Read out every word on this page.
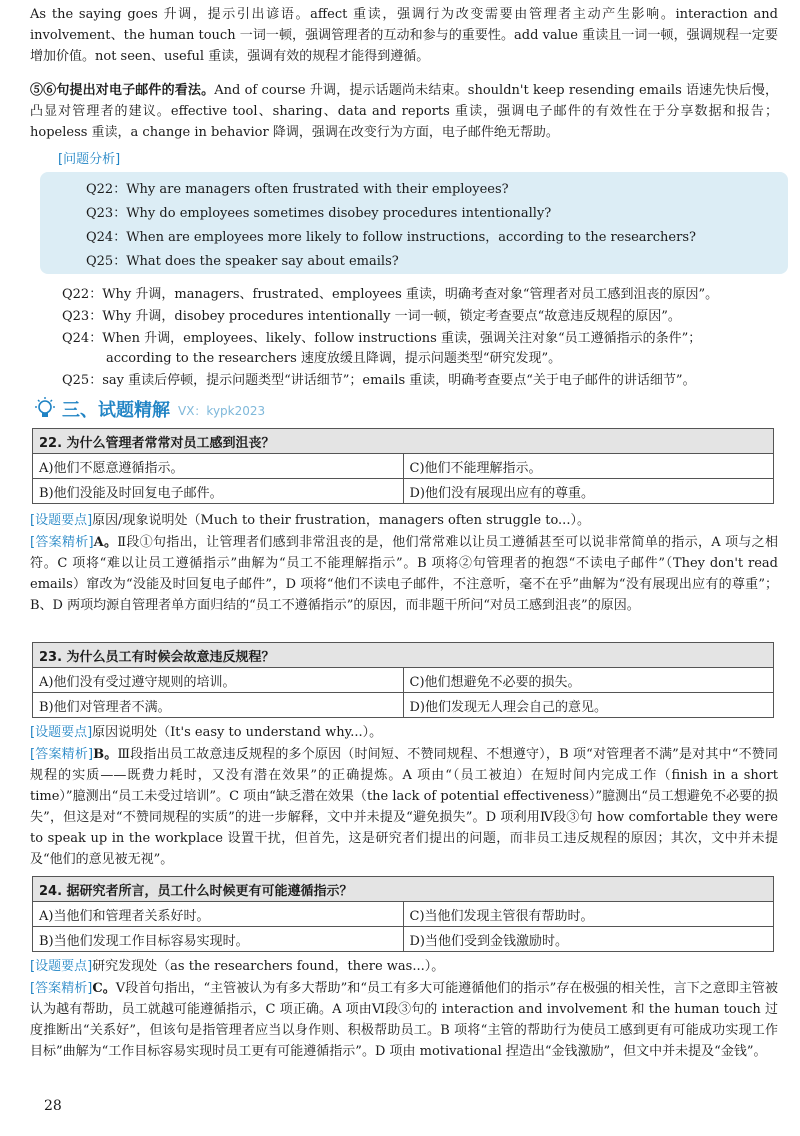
As the saying goes 升调，提示引出谚语。affect 重读，强调行为改变需要由管理者主动产生影响。interaction and involvement、the human touch 一词一顿，强调管理者的互动和参与的重要性。add value 重读且一词一顿，强调规程一定要增加价值。not seen、useful 重读，强调有效的规程才能得到遵循。
⑤⑥句提出对电子邮件的看法。And of course 升调，提示话题尚未结束。shouldn't keep resending emails 语速先快后慢，凸显对管理者的建议。effective tool、sharing、data and reports 重读，强调电子邮件的有效性在于分享数据和报告；hopeless 重读，a change in behavior 降调，强调在改变行为方面，电子邮件绝无帮助。
[问题分析]
Q22：Why are managers often frustrated with their employees?
Q23：Why do employees sometimes disobey procedures intentionally?
Q24：When are employees more likely to follow instructions，according to the researchers?
Q25：What does the speaker say about emails?
Q22：Why 升调，managers、frustrated、employees 重读，明确考查对象“管理者对员工感到沮丧的原因”。
Q23：Why 升调，disobey procedures intentionally 一词一顿，锁定考查要点“故意违反规程的原因”。
Q24：When 升调，employees、likely、follow instructions 重读，强调关注对象“员工遵循指示的条件”；
according to the researchers 速度放缓且降调，提示问题类型“研究发现”。
Q25：say 重读后停顿，提示问题类型“讲话细节”；emails 重读，明确考查要点“关于电子邮件的讲话细节”。
三、试题精解 VX：kypk2023
22. 为什么管理者常常对员工感到沮丧？	
A)他们不愿意遵循指示。	C)他们不能理解指示。
B)他们没能及时回复电子邮件。	D)他们没有展现出应有的尊重。
[设题要点]原因/现象说明处（Much to their frustration，managers often struggle to...）。
[答案精析]A。Ⅱ段①句指出，让管理者们感到非常沮丧的是，他们常常难以让员工遵循甚至可以说非常简单的指示，A 项与之相符。C 项将“难以让员工遵循指示”曲解为“员工不能理解指示”。B 项将②句管理者的抱怨“不读电子邮件”（They don't read emails）窜改为“没能及时回复电子邮件”，D 项将“他们不读电子邮件，不注意听，毫不在乎”曲解为“没有展现出应有的尊重”；B、D 两项均源自管理者单方面归结的“员工不遵循指示”的原因，而非题干所问“对员工感到沮丧”的原因。
23. 为什么员工有时候会故意违反规程？	
A)他们没有受过遵守规则的培训。	C)他们想避免不必要的损失。
B)他们对管理者不满。	D)他们发现无人理会自己的意见。
[设题要点]原因说明处（It's easy to understand why...）。
[答案精析]B。Ⅲ段指出员工故意违反规程的多个原因（时间短、不赞同规程、不想遵守），B 项“对管理者不满”是对其中“不赞同规程的实质——既费力耗时，又没有潜在效果”的正确提炼。A 项由“（员工被迫）在短时间内完成工作（finish in a short time）”臆测出“员工未受过培训”。C 项由“缺乏潜在效果（the lack of potential effectiveness）”臆测出“员工想避免不必要的损失”，但这是对“不赞同规程的实质”的进一步解释，文中并未提及“避免损失”。D 项利用Ⅳ段③句 how comfortable they were to speak up in the workplace 设置干扰，但首先，这是研究者们提出的问题，而非员工违反规程的原因；其次，文中并未提及“他们的意见被无视”。
24. 据研究者所言，员工什么时候更有可能遵循指示？	
A)当他们和管理者关系好时。	C)当他们发现主管很有帮助时。
B)当他们发现工作目标容易实现时。	D)当他们受到金钱激励时。
[设题要点]研究发现处（as the researchers found，there was...）。
[答案精析]C。Ⅴ段首句指出，“主管被认为有多大帮助”和“员工有多大可能遵循他们的指示”存在极强的相关性，言下之意即主管被认为越有帮助，员工就越可能遵循指示，C 项正确。A 项由Ⅵ段③句的 interaction and involvement 和 the human touch 过度推断出“关系好”，但该句是指管理者应当以身作则、积极帮助员工。B 项将“主管的帮助行为使员工感到更有可能成功实现工作目标”曲解为“工作目标容易实现时员工更有可能遵循指示”。D 项由 motivational 捏造出“金钱激励”，但文中并未提及“金钱”。
28
